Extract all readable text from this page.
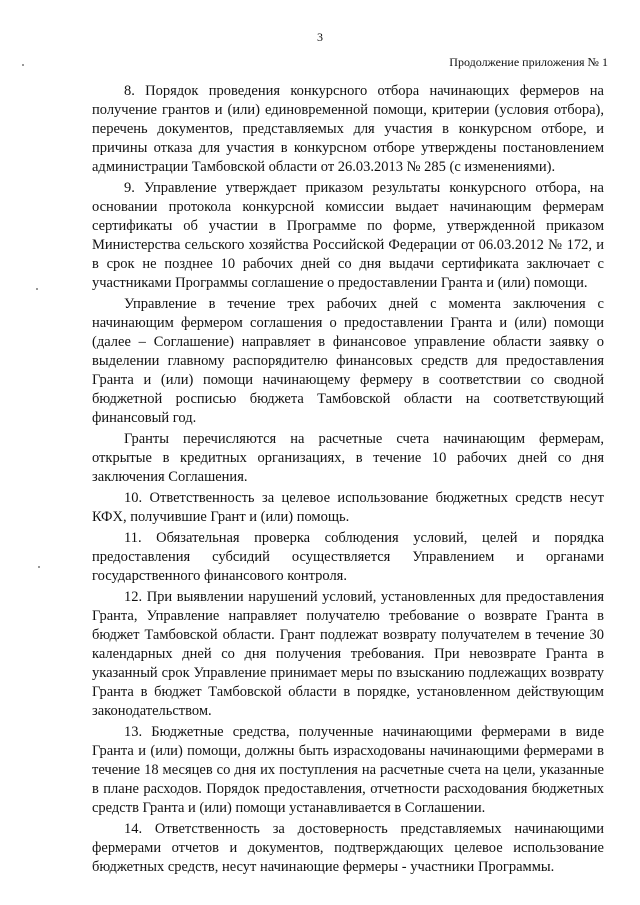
3
Продолжение приложения № 1

8. Порядок проведения конкурсного отбора начинающих фермеров на получение грантов и (или) единовременной помощи, критерии (условия отбора), перечень документов, представляемых для участия в конкурсном отборе, и причины отказа для участия в конкурсном отборе утверждены постановлением администрации Тамбовской области от 26.03.2013 № 285 (с изменениями).

9. Управление утверждает приказом результаты конкурсного отбора, на основании протокола конкурсной комиссии выдает начинающим фермерам сертификаты об участии в Программе по форме, утвержденной приказом Министерства сельского хозяйства Российской Федерации от 06.03.2012 № 172, и в срок не позднее 10 рабочих дней со дня выдачи сертификата заключает с участниками Программы соглашение о предоставлении Гранта и (или) помощи.

Управление в течение трех рабочих дней с момента заключения с начинающим фермером соглашения о предоставлении Гранта и (или) помощи (далее – Соглашение) направляет в финансовое управление области заявку о выделении главному распорядителю финансовых средств для предоставления Гранта и (или) помощи начинающему фермеру в соответствии со сводной бюджетной росписью бюджета Тамбовской области на соответствующий финансовый год.

Гранты перечисляются на расчетные счета начинающим фермерам, открытые в кредитных организациях, в течение 10 рабочих дней со дня заключения Соглашения.

10. Ответственность за целевое использование бюджетных средств несут КФХ, получившие Грант и (или) помощь.

11. Обязательная проверка соблюдения условий, целей и порядка предоставления субсидий осуществляется Управлением и органами государственного финансового контроля.

12. При выявлении нарушений условий, установленных для предоставления Гранта, Управление направляет получателю требование о возврате Гранта в бюджет Тамбовской области. Грант подлежат возврату получателем в течение 30 календарных дней со дня получения требования. При невозврате Гранта в указанный срок Управление принимает меры по взысканию подлежащих возврату Гранта в бюджет Тамбовской области в порядке, установленном действующим законодательством.

13. Бюджетные средства, полученные начинающими фермерами в виде Гранта и (или) помощи, должны быть израсходованы начинающими фермерами в течение 18 месяцев со дня их поступления на расчетные счета на цели, указанные в плане расходов. Порядок предоставления, отчетности расходования бюджетных средств Гранта и (или) помощи устанавливается в Соглашении.

14. Ответственность за достоверность представляемых начинающими фермерами отчетов и документов, подтверждающих целевое использование бюджетных средств, несут начинающие фермеры - участники Программы.
